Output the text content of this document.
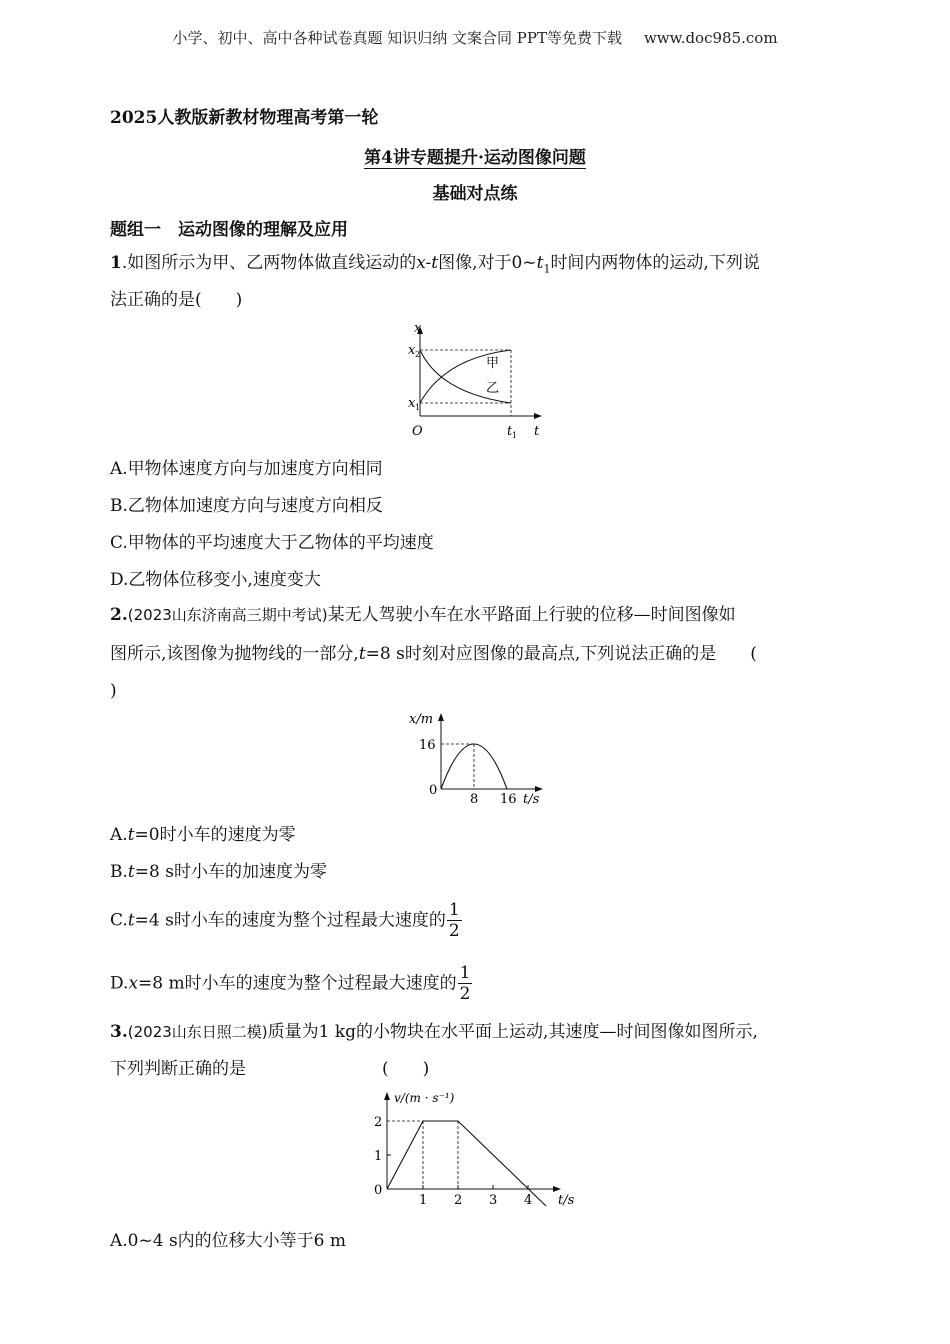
小学、初中、高中各种试卷真题 知识归纳 文案合同 PPT等免费下载 www.doc985.com
2025人教版新教材物理高考第一轮
第4讲专题提升·运动图像问题
基础对点练
题组一　运动图像的理解及应用
1.如图所示为甲、乙两物体做直线运动的x-t图像,对于$0\sim t_1$时间内两物体的运动,下列说
法正确的是(　　)
x
x 2
x 1
O	t 1 t
甲
乙
A.甲物体速度方向与加速度方向相同
B.乙物体加速度方向与速度方向相反
C.甲物体的平均速度大于乙物体的平均速度
D.乙物体位移变小,速度变大
2.(2023山东济南高三期中考试)某无人驾驶小车在水平路面上行驶的位移—时间图像如
图所示,该图像为抛物线的一部分,t=8 s时刻对应图像的最高点,下列说法正确的是　　(
)
x/m
16
0
8 16 t/s
A.t=0时小车的速度为零
B.t=8 s时小车的加速度为零
C.t=4 s时小车的速度为整个过程最大速度的 $\frac{1}{2}$
D.x=8 m时小车的速度为整个过程最大速度的 $\frac{1}{2}$
3.(2023山东日照二模)质量为1 kg的小物块在水平面上运动,其速度—时间图像如图所示,
下列判断正确的是	(　　)
v/(m · s⁻¹)
2
1
0
1 2 3 4 t/s
A.0~4 s内的位移大小等于6 m
